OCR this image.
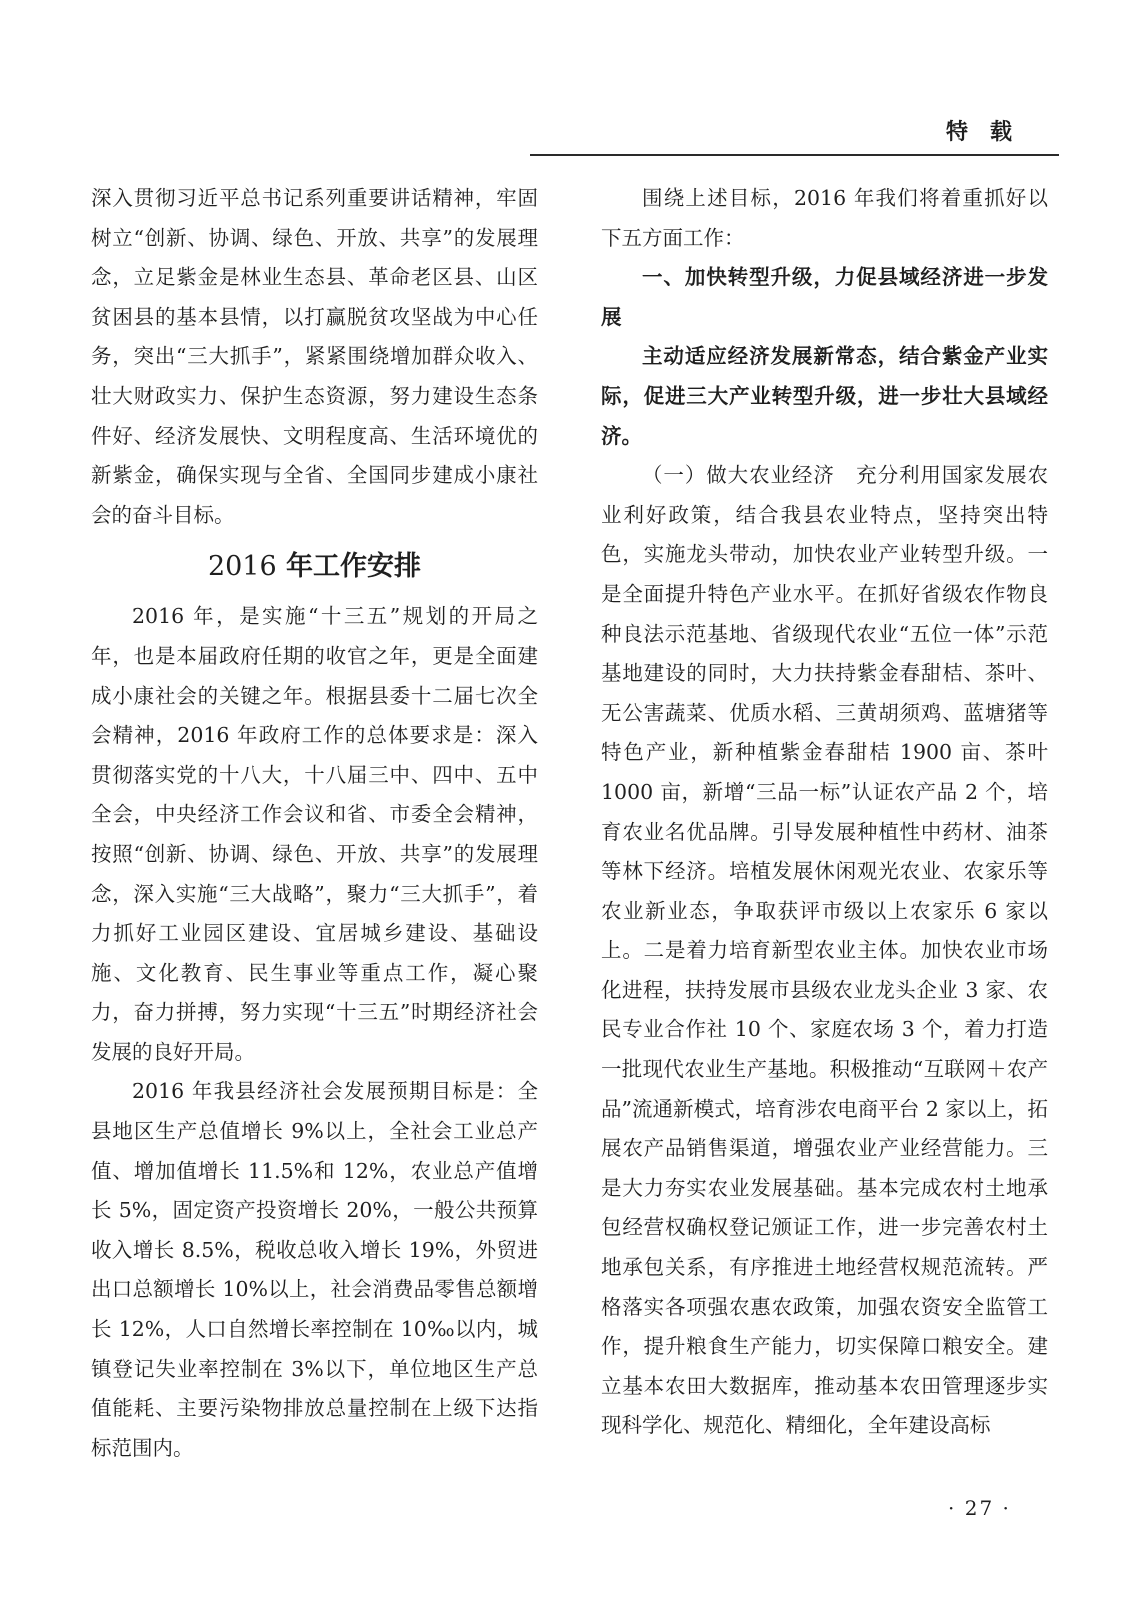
特载

深入贯彻习近平总书记系列重要讲话精神，牢固树立“创新、协调、绿色、开放、共享”的发展理念，立足紫金是林业生态县、革命老区县、山区贫困县的基本县情，以打赢脱贫攻坚战为中心任务，突出“三大抓手”，紧紧围绕增加群众收入、壮大财政实力、保护生态资源，努力建设生态条件好、经济发展快、文明程度高、生活环境优的新紫金，确保实现与全省、全国同步建成小康社会的奋斗目标。

2016 年工作安排

2016 年，是实施“十三五”规划的开局之年，也是本届政府任期的收官之年，更是全面建成小康社会的关键之年。根据县委十二届七次全会精神，2016 年政府工作的总体要求是：深入贯彻落实党的十八大，十八届三中、四中、五中全会，中央经济工作会议和省、市委全会精神，按照“创新、协调、绿色、开放、共享”的发展理念，深入实施“三大战略”，聚力“三大抓手”，着力抓好工业园区建设、宜居城乡建设、基础设施、文化教育、民生事业等重点工作，凝心聚力，奋力拼搏，努力实现“十三五”时期经济社会发展的良好开局。

2016 年我县经济社会发展预期目标是：全县地区生产总值增长 9%以上，全社会工业总产值、增加值增长 11.5%和 12%，农业总产值增长 5%，固定资产投资增长 20%，一般公共预算收入增长 8.5%，税收总收入增长 19%，外贸进出口总额增长 10%以上，社会消费品零售总额增长 12%，人口自然增长率控制在 10‰以内，城镇登记失业率控制在 3%以下，单位地区生产总值能耗、主要污染物排放总量控制在上级下达指标范围内。

围绕上述目标，2016 年我们将着重抓好以下五方面工作：

一、加快转型升级，力促县域经济进一步发展

主动适应经济发展新常态，结合紫金产业实际，促进三大产业转型升级，进一步壮大县域经济。

（一）做大农业经济　充分利用国家发展农业利好政策，结合我县农业特点，坚持突出特色，实施龙头带动，加快农业产业转型升级。一是全面提升特色产业水平。在抓好省级农作物良种良法示范基地、省级现代农业“五位一体”示范基地建设的同时，大力扶持紫金春甜桔、茶叶、无公害蔬菜、优质水稻、三黄胡须鸡、蓝塘猪等特色产业，新种植紫金春甜桔 1900 亩、茶叶 1000 亩，新增“三品一标”认证农产品 2 个，培育农业名优品牌。引导发展种植性中药材、油茶等林下经济。培植发展休闲观光农业、农家乐等农业新业态，争取获评市级以上农家乐 6 家以上。二是着力培育新型农业主体。加快农业市场化进程，扶持发展市县级农业龙头企业 3 家、农民专业合作社 10 个、家庭农场 3 个，着力打造一批现代农业生产基地。积极推动“互联网＋农产品”流通新模式，培育涉农电商平台 2 家以上，拓展农产品销售渠道，增强农业产业经营能力。三是大力夯实农业发展基础。基本完成农村土地承包经营权确权登记颁证工作，进一步完善农村土地承包关系，有序推进土地经营权规范流转。严格落实各项强农惠农政策，加强农资安全监管工作，提升粮食生产能力，切实保障口粮安全。建立基本农田大数据库，推动基本农田管理逐步实现科学化、规范化、精细化，全年建设高标

· 27 ·
